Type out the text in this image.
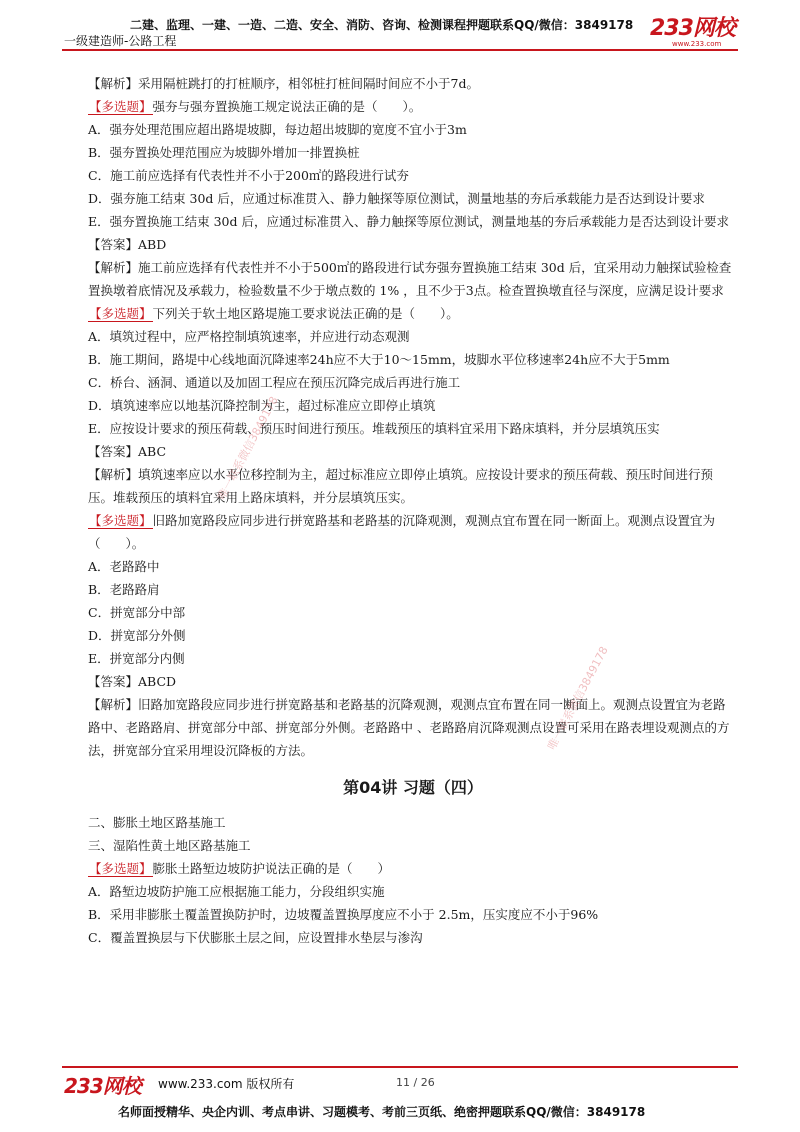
二建、监理、一建、一造、二造、安全、消防、咨询、检测课程押题联系QQ/微信：3849178
一级建造师-公路工程	233网校
www.233.com
【解析】采用隔桩跳打的打桩顺序，相邻桩打桩间隔时间应不小于7d。
【多选题】强夯与强夯置换施工规定说法正确的是（　　）。
A．强夯处理范围应超出路堤坡脚，每边超出坡脚的宽度不宜小于3m
B．强夯置换处理范围应为坡脚外增加一排置换桩
C．施工前应选择有代表性并不小于200㎡的路段进行试夯
D．强夯施工结束 30d 后，应通过标准贯入、静力触探等原位测试，测量地基的夯后承载能力是否达到设计要求
E．强夯置换施工结束 30d 后，应通过标准贯入、静力触探等原位测试，测量地基的夯后承载能力是否达到设计要求
【答案】ABD
【解析】施工前应选择有代表性并不小于500㎡的路段进行试夯强夯置换施工结束 30d 后，宜采用动力触探试验检查置换墩着底情况及承载力，检验数量不少于墩点数的 1% ，且不少于3点。检查置换墩直径与深度，应满足设计要求
【多选题】下列关于软土地区路堤施工要求说法正确的是（　　）。
A．填筑过程中，应严格控制填筑速率，并应进行动态观测
B．施工期间，路堤中心线地面沉降速率24h应不大于10～15mm，坡脚水平位移速率24h应不大于5mm
C．桥台、涵洞、通道以及加固工程应在预压沉降完成后再进行施工
D．填筑速率应以地基沉降控制为主，超过标准应立即停止填筑
E．应按设计要求的预压荷载、预压时间进行预压。堆载预压的填料宜采用下路床填料，并分层填筑压实
【答案】ABC
【解析】填筑速率应以水平位移控制为主，超过标准应立即停止填筑。应按设计要求的预压荷载、预压时间进行预压。堆载预压的填料宜采用上路床填料，并分层填筑压实。
【多选题】旧路加宽路段应同步进行拼宽路基和老路基的沉降观测，观测点宜布置在同一断面上。观测点设置宜为（　　）。
A．老路路中
B．老路路肩
C．拼宽部分中部
D．拼宽部分外侧
E．拼宽部分内侧
【答案】ABCD
【解析】旧路加宽路段应同步进行拼宽路基和老路基的沉降观测，观测点宜布置在同一断面上。观测点设置宜为老路路中、老路路肩、拼宽部分中部、拼宽部分外侧。老路路中 、老路路肩沉降观测点设置可采用在路表埋设观测点的方法，拼宽部分宜采用埋设沉降板的方法。
第04讲 习题（四）
二、膨胀土地区路基施工
三、湿陷性黄土地区路基施工
【多选题】膨胀土路堑边坡防护说法正确的是（　　）
A．路堑边坡防护施工应根据施工能力，分段组织实施
B．采用非膨胀土覆盖置换防护时，边坡覆盖置换厚度应不小于 2.5m，压实度应不小于96%
C．覆盖置换层与下伏膨胀土层之间，应设置排水垫层与渗沟
唯一联系微信3849178
唯一联系微信3849178
233网校 www.233.com 版权所有	11 / 26
名师面授精华、央企内训、考点串讲、习题模考、考前三页纸、绝密押题联系QQ/微信：3849178
